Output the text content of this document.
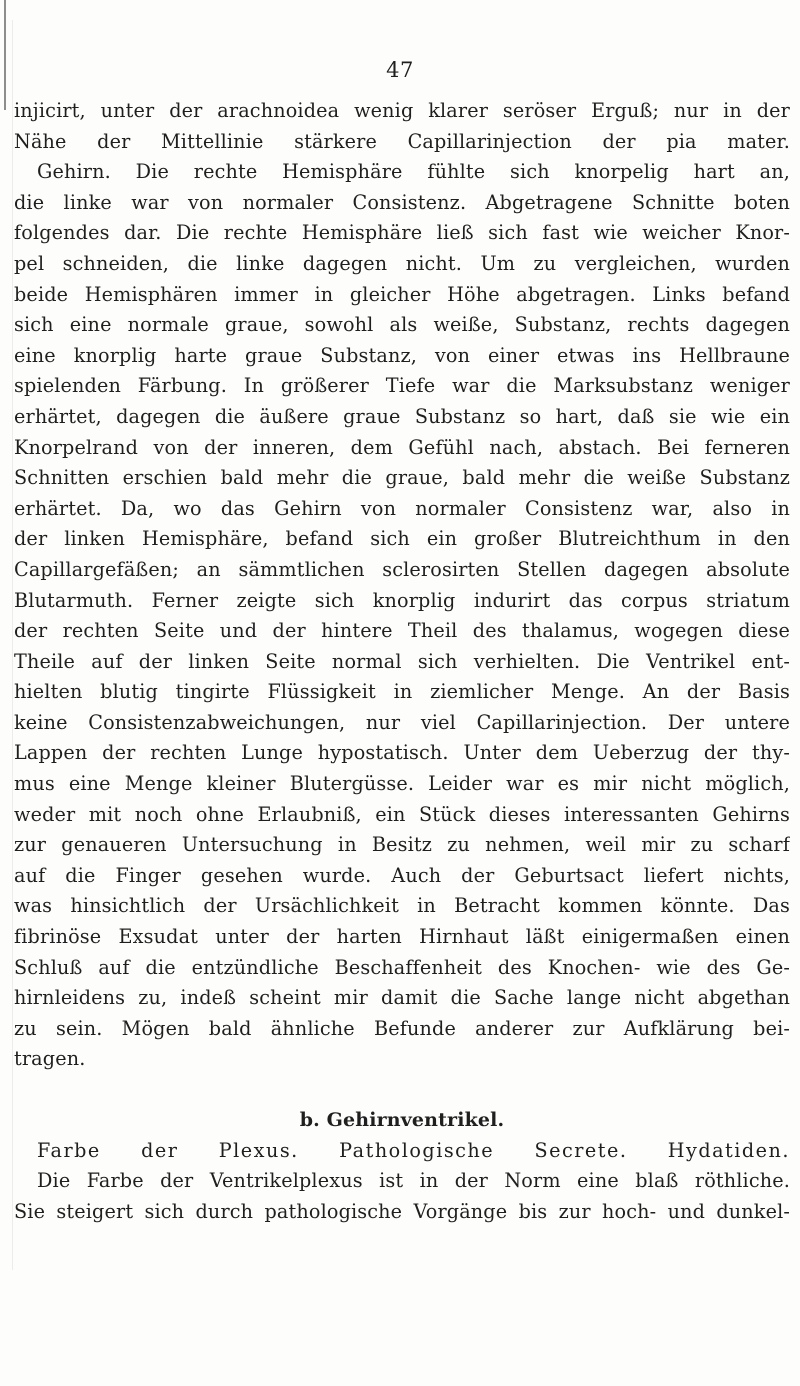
47
injicirt, unter der arachnoidea wenig klarer seröser Erguß; nur in der
Nähe der Mittellinie stärkere Capillarinjection der pia mater.
Gehirn. Die rechte Hemisphäre fühlte sich knorpelig hart an,
die linke war von normaler Consistenz. Abgetragene Schnitte boten
folgendes dar. Die rechte Hemisphäre ließ sich fast wie weicher Knor-
pel schneiden, die linke dagegen nicht. Um zu vergleichen, wurden
beide Hemisphären immer in gleicher Höhe abgetragen. Links befand
sich eine normale graue, sowohl als weiße, Substanz, rechts dagegen
eine knorplig harte graue Substanz, von einer etwas ins Hellbraune
spielenden Färbung. In größerer Tiefe war die Marksubstanz weniger
erhärtet, dagegen die äußere graue Substanz so hart, daß sie wie ein
Knorpelrand von der inneren, dem Gefühl nach, abstach. Bei ferneren
Schnitten erschien bald mehr die graue, bald mehr die weiße Substanz
erhärtet. Da, wo das Gehirn von normaler Consistenz war, also in
der linken Hemisphäre, befand sich ein großer Blutreichthum in den
Capillargefäßen; an sämmtlichen sclerosirten Stellen dagegen absolute
Blutarmuth. Ferner zeigte sich knorplig indurirt das corpus striatum
der rechten Seite und der hintere Theil des thalamus, wogegen diese
Theile auf der linken Seite normal sich verhielten. Die Ventrikel ent-
hielten blutig tingirte Flüssigkeit in ziemlicher Menge. An der Basis
keine Consistenzabweichungen, nur viel Capillarinjection. Der untere
Lappen der rechten Lunge hypostatisch. Unter dem Ueberzug der thy-
mus eine Menge kleiner Blutergüsse. Leider war es mir nicht möglich,
weder mit noch ohne Erlaubniß, ein Stück dieses interessanten Gehirns
zur genaueren Untersuchung in Besitz zu nehmen, weil mir zu scharf
auf die Finger gesehen wurde. Auch der Geburtsact liefert nichts,
was hinsichtlich der Ursächlichkeit in Betracht kommen könnte. Das
fibrinöse Exsudat unter der harten Hirnhaut läßt einigermaßen einen
Schluß auf die entzündliche Beschaffenheit des Knochen- wie des Ge-
hirnleidens zu, indeß scheint mir damit die Sache lange nicht abgethan
zu sein. Mögen bald ähnliche Befunde anderer zur Aufklärung bei-
tragen.
b. Gehirnventrikel.
Farbe der Plexus. Pathologische Secrete. Hydatiden.
Die Farbe der Ventrikelplexus ist in der Norm eine blaß röthliche.
Sie steigert sich durch pathologische Vorgänge bis zur hoch- und dunkel-
